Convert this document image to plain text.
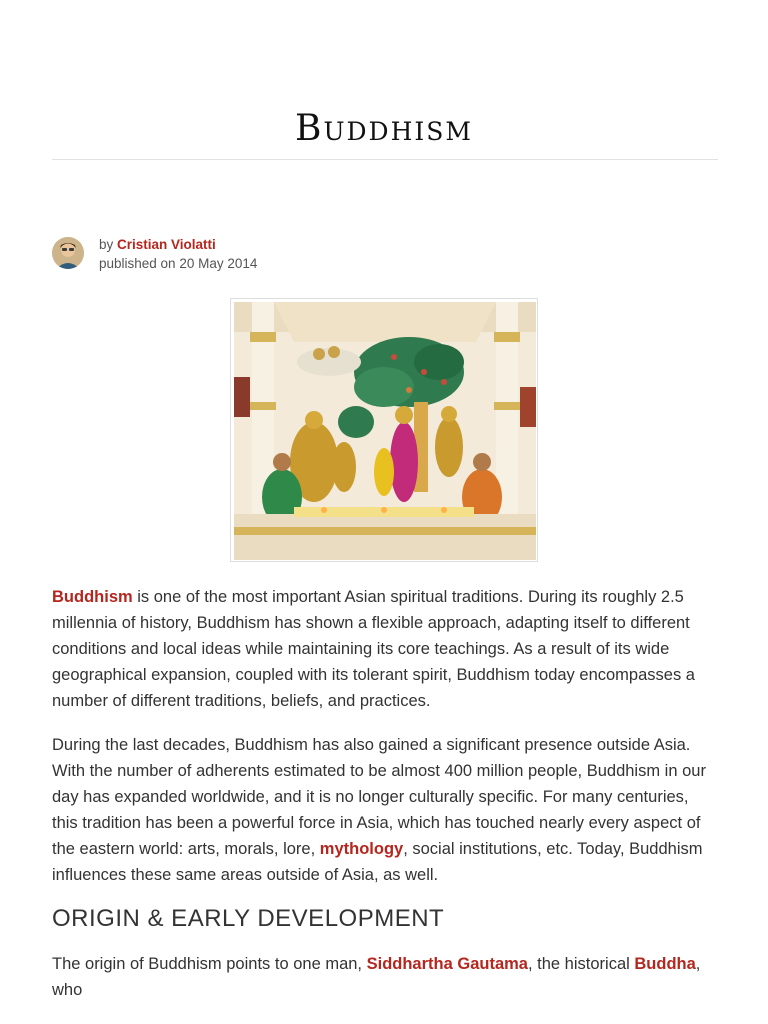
Buddhism
by Cristian Violatti
published on 20 May 2014

Buddhism is one of the most important Asian spiritual traditions. During its roughly 2.5 millennia of history, Buddhism has shown a flexible approach, adapting itself to different conditions and local ideas while maintaining its core teachings. As a result of its wide geographical expansion, coupled with its tolerant spirit, Buddhism today encompasses a number of different traditions, beliefs, and practices.

During the last decades, Buddhism has also gained a significant presence outside Asia. With the number of adherents estimated to be almost 400 million people, Buddhism in our day has expanded worldwide, and it is no longer culturally specific. For many centuries, this tradition has been a powerful force in Asia, which has touched nearly every aspect of the eastern world: arts, morals, lore, mythology, social institutions, etc. Today, Buddhism influences these same areas outside of Asia, as well.

ORIGIN & EARLY DEVELOPMENT

The origin of Buddhism points to one man, Siddhartha Gautama, the historical Buddha, who
